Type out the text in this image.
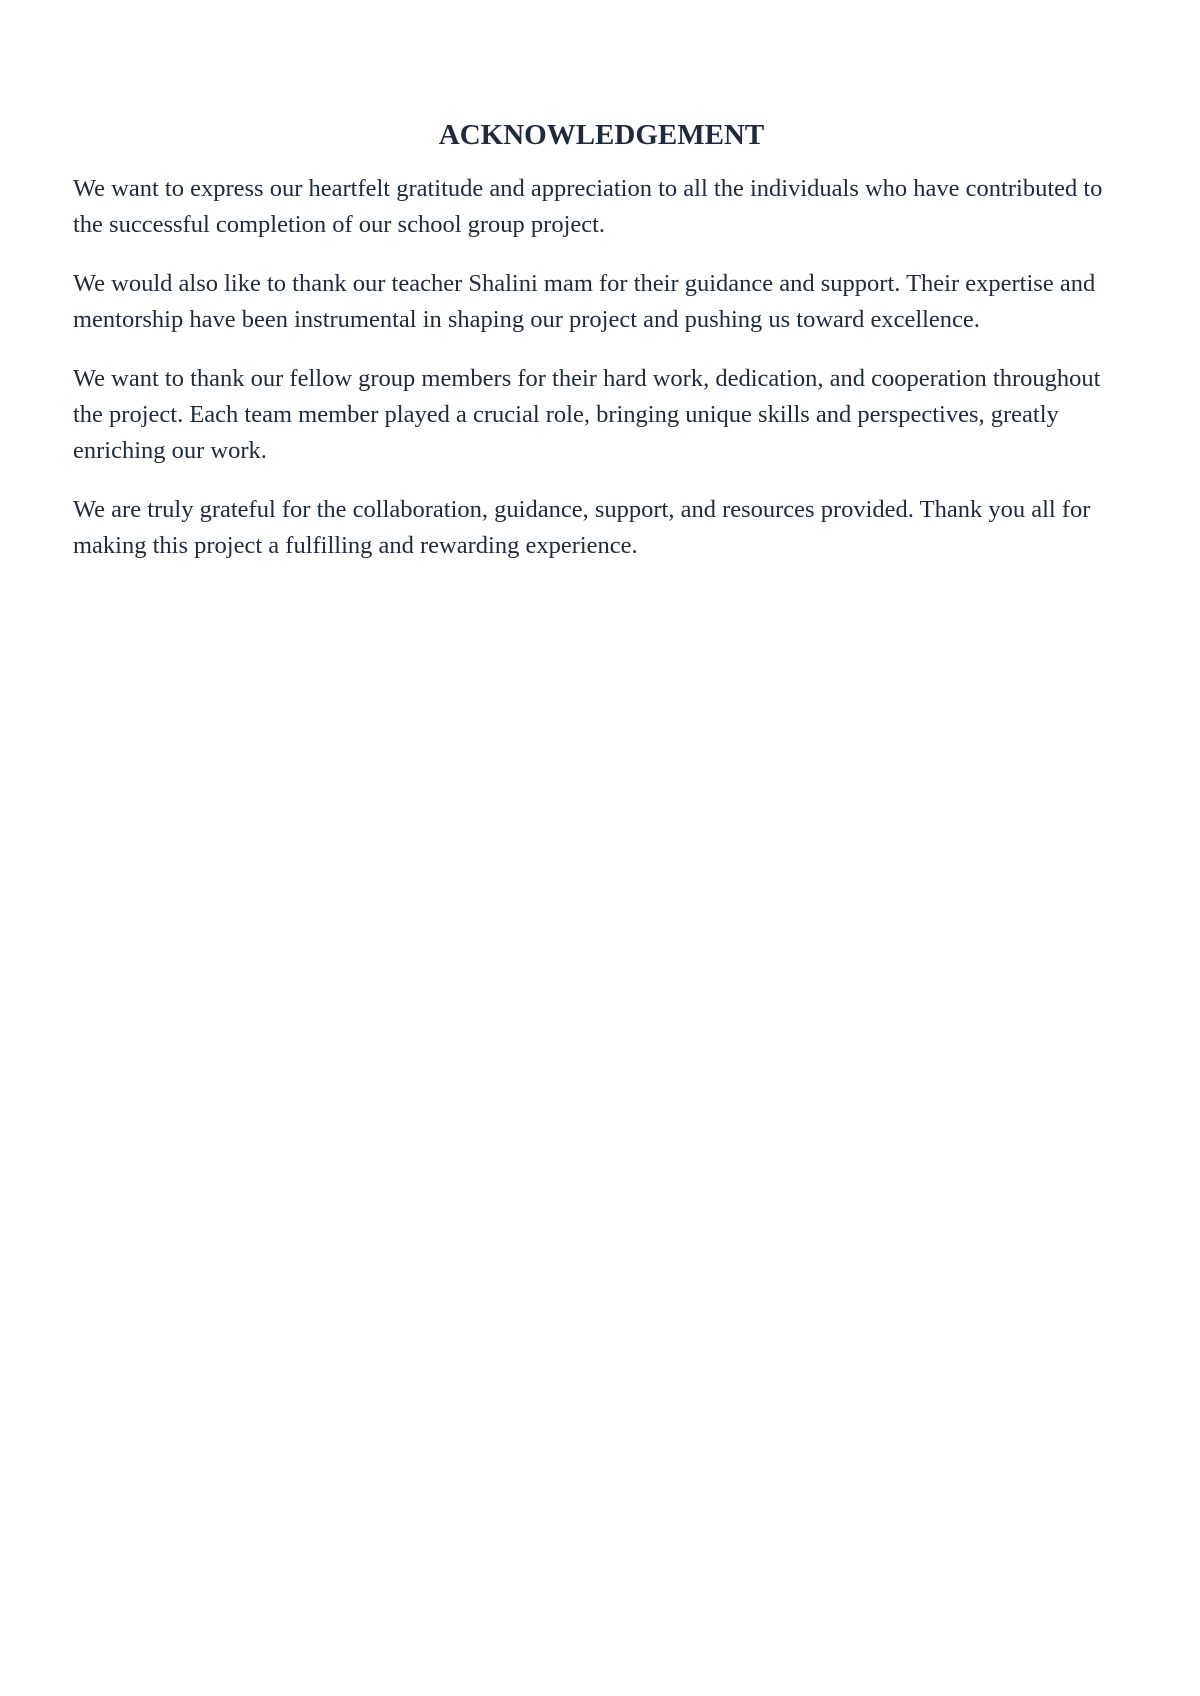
ACKNOWLEDGEMENT

We want to express our heartfelt gratitude and appreciation to all the individuals who have contributed to the successful completion of our school group project.

We would also like to thank our teacher Shalini mam for their guidance and support. Their expertise and mentorship have been instrumental in shaping our project and pushing us toward excellence.

We want to thank our fellow group members for their hard work, dedication, and cooperation throughout the project. Each team member played a crucial role, bringing unique skills and perspectives, greatly enriching our work.

We are truly grateful for the collaboration, guidance, support, and resources provided. Thank you all for making this project a fulfilling and rewarding experience.
